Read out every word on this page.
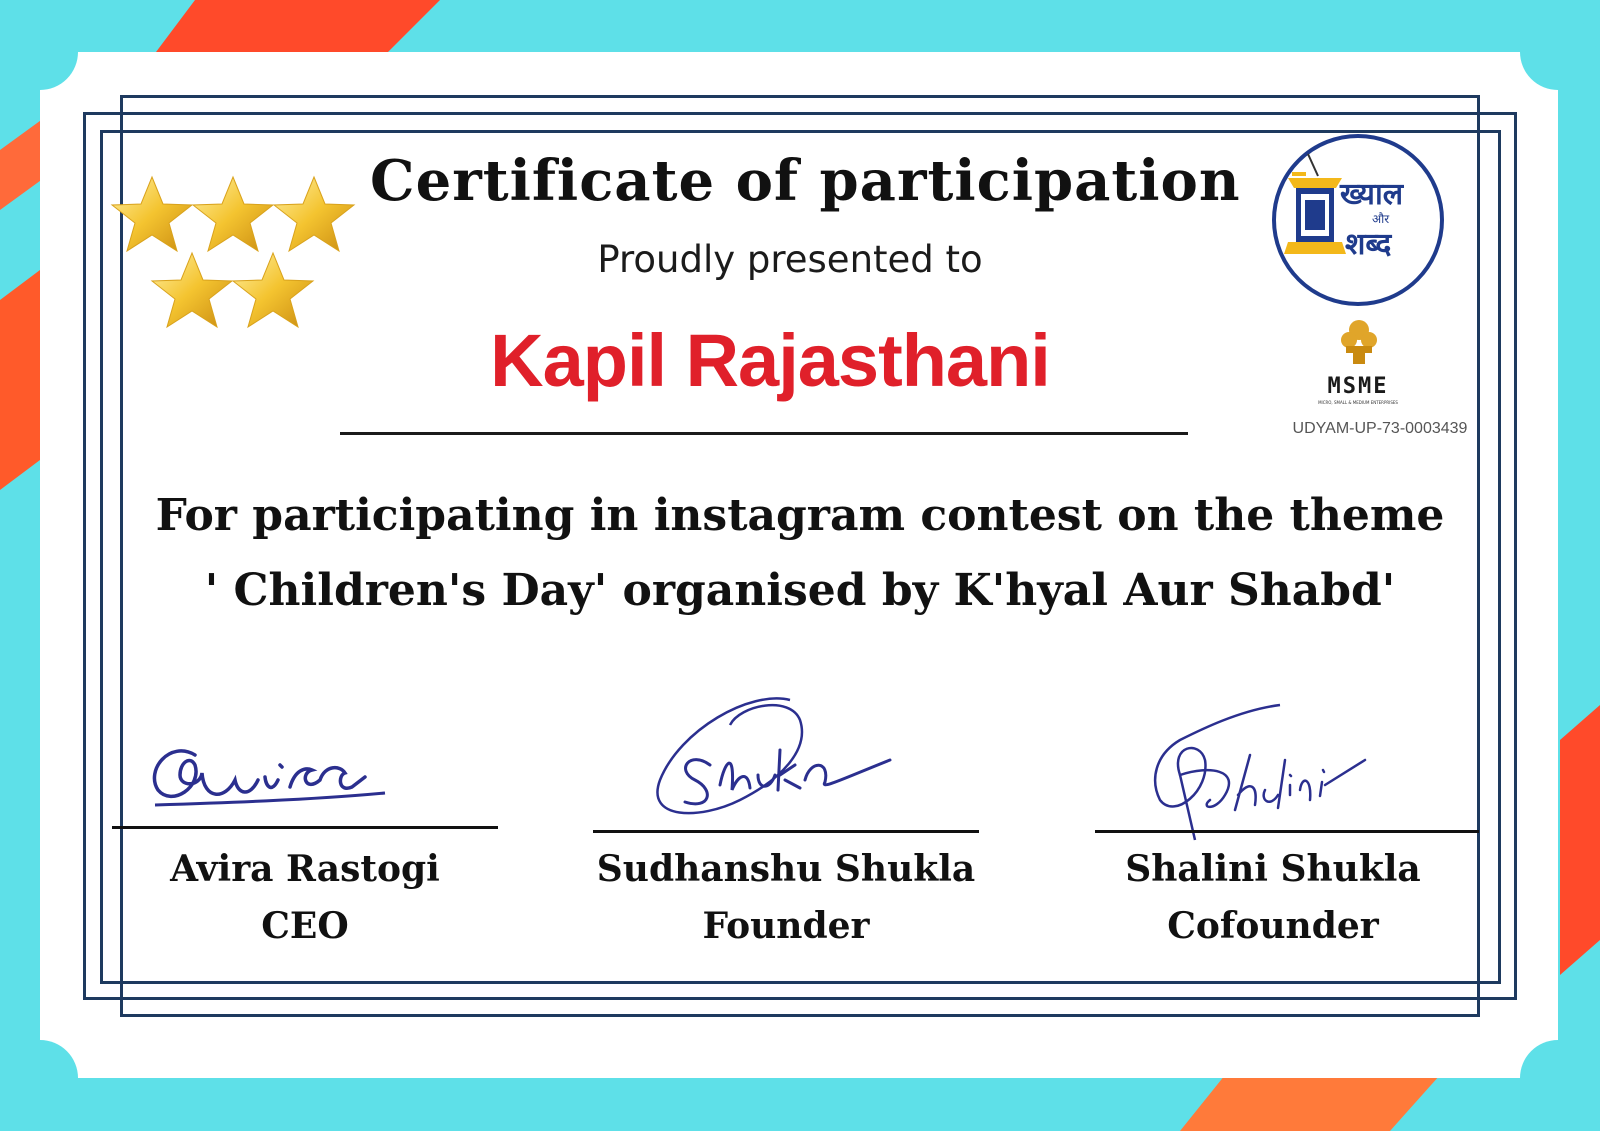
Certificate of participation

Proudly presented to

Kapil Rajasthani

ख्याल
और
शब्द
MSME
MICRO, SMALL & MEDIUM ENTERPRISES
UDYAM-UP-73-0003439

For participating in instagram contest on the theme

' Children's Day' organised by K'hyal Aur Shabd'

Avira Rastogi
CEO
Sudhanshu Shukla
Founder
Shalini Shukla
Cofounder
